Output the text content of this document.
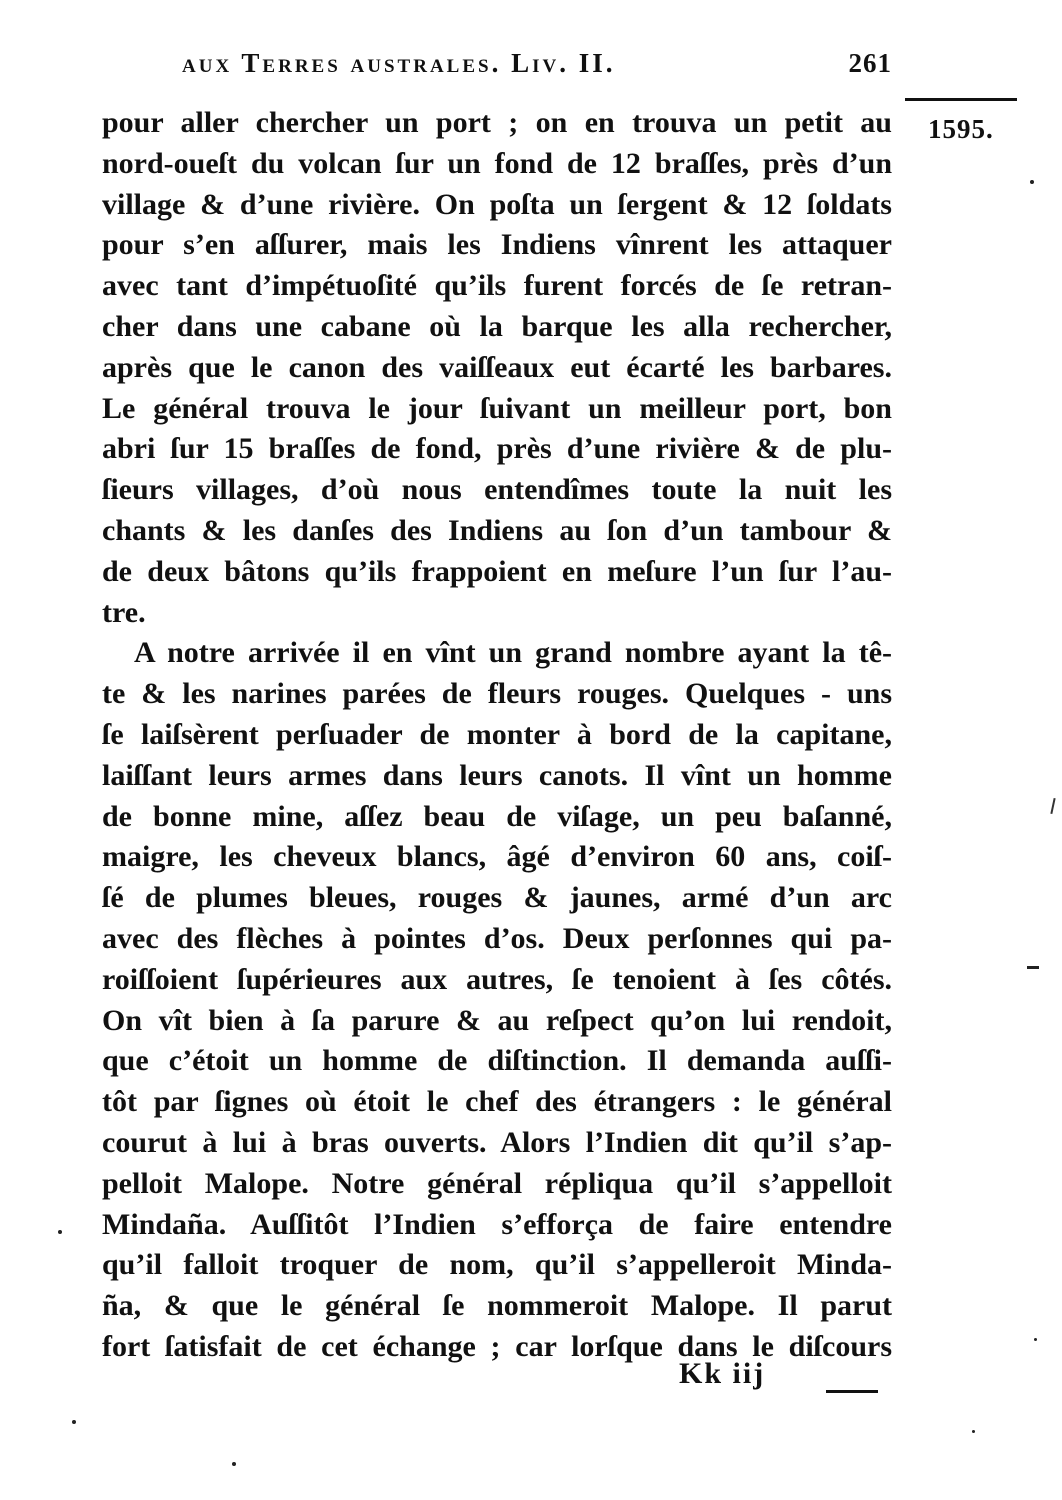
aux Terres australes. Liv. II.	261
1595.
pour aller chercher un port ; on en trouva un petit au
nord-oueſt du volcan ſur un fond de 12 braſſes, près d’un
village & d’une rivière. On poſta un ſergent & 12 ſoldats
pour s’en aſſurer, mais les Indiens vînrent les attaquer
avec tant d’impétuoſité qu’ils furent forcés de ſe retran-
cher dans une cabane où la barque les alla rechercher,
après que le canon des vaiſſeaux eut écarté les barbares.
Le général trouva le jour ſuivant un meilleur port, bon
abri ſur 15 braſſes de fond, près d’une rivière & de plu-
ſieurs villages, d’où nous entendîmes toute la nuit les
chants & les danſes des Indiens au ſon d’un tambour &
de deux bâtons qu’ils frappoient en meſure l’un ſur l’au-
tre.
A notre arrivée il en vînt un grand nombre ayant la tê-
te & les narines parées de fleurs rouges. Quelques - uns
ſe laiſsèrent perſuader de monter à bord de la capitane,
laiſſant leurs armes dans leurs canots. Il vînt un homme
de bonne mine, aſſez beau de viſage, un peu baſanné,
maigre, les cheveux blancs, âgé d’environ 60 ans, coiſ-
ſé de plumes bleues, rouges & jaunes, armé d’un arc
avec des flèches à pointes d’os. Deux perſonnes qui pa-
roiſſoient ſupérieures aux autres, ſe tenoient à ſes côtés.
On vît bien à ſa parure & au reſpect qu’on lui rendoit,
que c’étoit un homme de diſtinction. Il demanda auſſi-
tôt par ſignes où étoit le chef des étrangers : le général
courut à lui à bras ouverts. Alors l’Indien dit qu’il s’ap-
pelloit Malope. Notre général répliqua qu’il s’appelloit
Mindaña. Auſſitôt l’Indien s’efforça de faire entendre
qu’il falloit troquer de nom, qu’il s’appelleroit Minda-
ña, & que le général ſe nommeroit Malope. Il parut
fort ſatisfait de cet échange ; car lorſque dans le diſcours
Kk iij
